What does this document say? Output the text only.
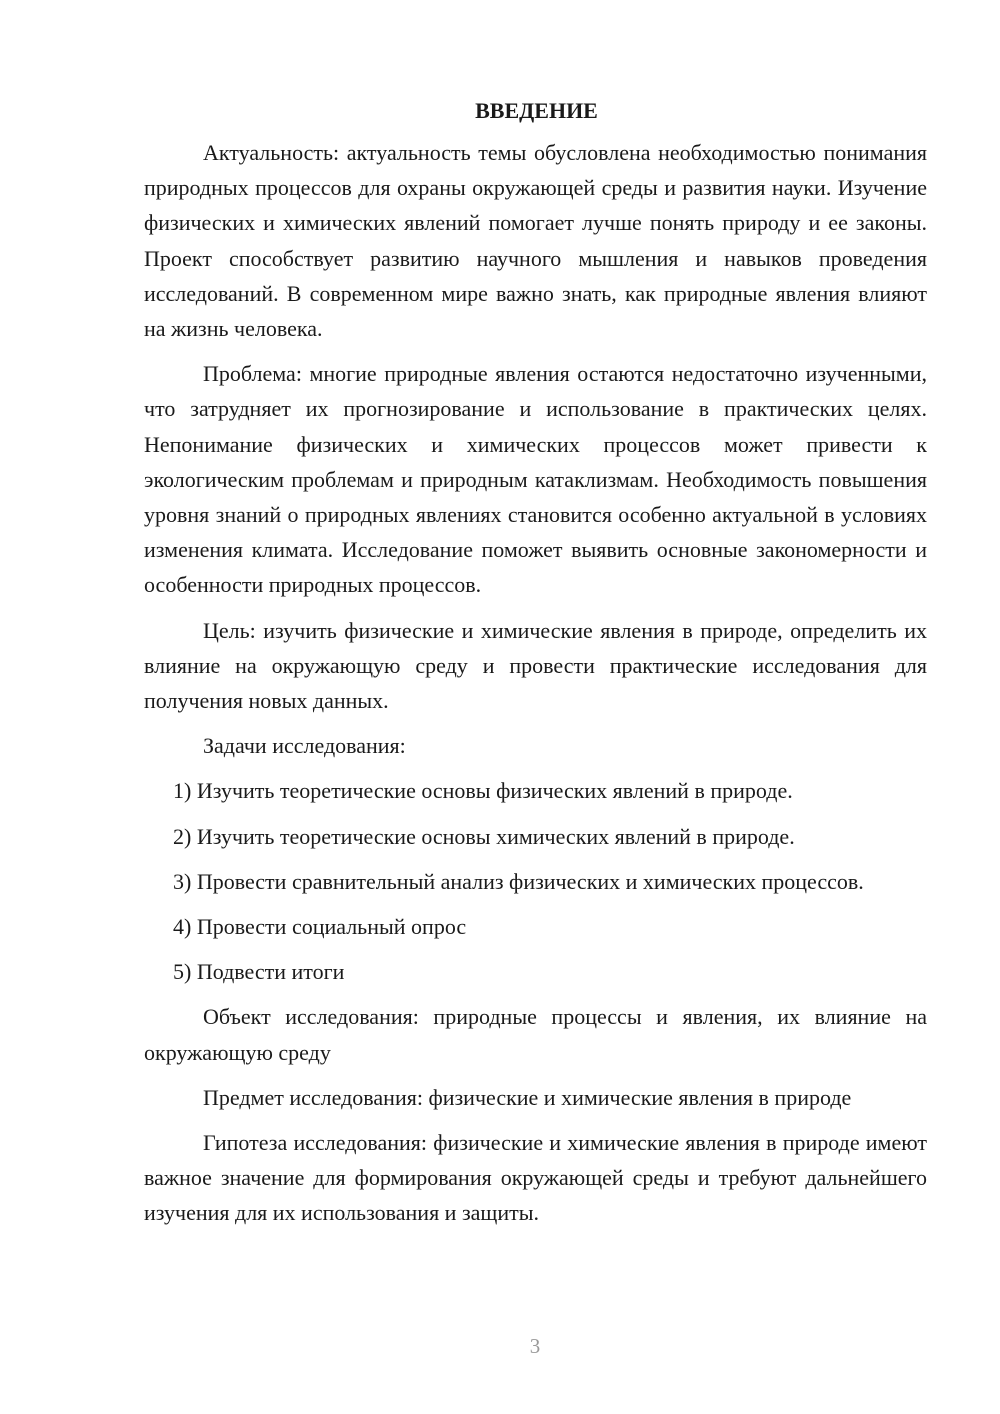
ВВЕДЕНИЕ

Актуальность: актуальность темы обусловлена необходимостью понимания природных процессов для охраны окружающей среды и развития науки. Изучение физических и химических явлений помогает лучше понять природу и ее законы. Проект способствует развитию научного мышления и навыков проведения исследований. В современном мире важно знать, как природные явления влияют на жизнь человека.

Проблема: многие природные явления остаются недостаточно изученными, что затрудняет их прогнозирование и использование в практических целях. Непонимание физических и химических процессов может привести к экологическим проблемам и природным катаклизмам. Необходимость повышения уровня знаний о природных явлениях становится особенно актуальной в условиях изменения климата. Исследование поможет выявить основные закономерности и особенности природных процессов.

Цель: изучить физические и химические явления в природе, определить их влияние на окружающую среду и провести практические исследования для получения новых данных.

Задачи исследования:

1) Изучить теоретические основы физических явлений в природе.

2) Изучить теоретические основы химических явлений в природе.

3) Провести сравнительный анализ физических и химических процессов.

4) Провести социальный опрос

5) Подвести итоги

Объект исследования: природные процессы и явления, их влияние на окружающую среду

Предмет исследования: физические и химические явления в природе

Гипотеза исследования: физические и химические явления в природе имеют важное значение для формирования окружающей среды и требуют дальнейшего изучения для их использования и защиты.

3
